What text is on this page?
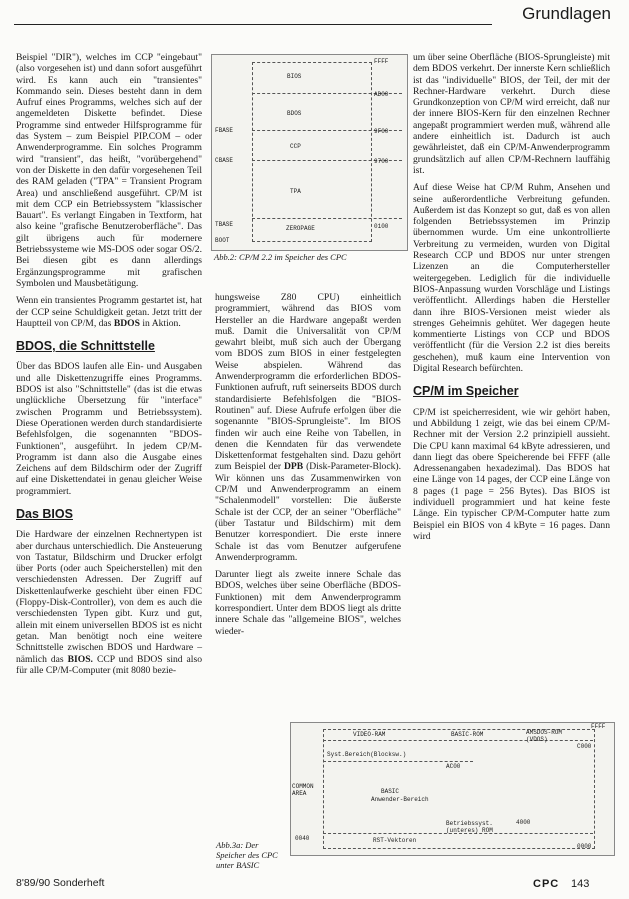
Grundlagen

Beispiel "DIR"), welches im CCP "eingebaut" (also vorgesehen ist) und dann sofort ausgeführt wird. Es kann auch ein "transientes" Kommando sein. Dieses besteht dann in dem Aufruf eines Programms, welches sich auf der angemeldeten Diskette befindet. Diese Programme sind entweder Hilfsprogramme für das System – zum Beispiel PIP.COM – oder Anwenderprogramme. Ein solches Programm wird "transient", das heißt, "vorübergehend" von der Diskette in den dafür vorgesehenen Teil des RAM geladen ("TPA" = Transient Program Area) und anschließend ausgeführt. CP/M ist mit dem CCP ein Betriebssystem "klassischer Bauart". Es verlangt Eingaben in Textform, hat also keine "grafische Benutzeroberfläche". Das gilt übrigens auch für modernere Betriebssysteme wie MS-DOS oder sogar OS/2. Bei diesen gibt es dann allerdings Ergänzungsprogramme mit grafischen Symbolen und Mausbetätigung.

Wenn ein transientes Programm gestartet ist, hat der CCP seine Schuldigkeit getan. Jetzt tritt der Hauptteil von CP/M, das BDOS in Aktion.

BDOS, die Schnittstelle

Über das BDOS laufen alle Ein- und Ausgaben und alle Diskettenzugriffe eines Programms. BDOS ist also "Schnittstelle" (das ist die etwas unglückliche Übersetzung für "interface" zwischen Programm und Betriebssystem). Diese Operationen werden durch standardisierte Befehlsfolgen, die sogenannten "BDOS-Funktionen", ausgeführt. In jedem CP/M-Programm ist dann also die Ausgabe eines Zeichens auf dem Bildschirm oder der Zugriff auf eine Diskettendatei in genau gleicher Weise programmiert.

Das BIOS

Die Hardware der einzelnen Rechnertypen ist aber durchaus unterschiedlich. Die Ansteuerung von Tastatur, Bildschirm und Drucker erfolgt über Ports (oder auch Speicherstellen) mit den verschiedensten Adressen. Der Zugriff auf Diskettenlaufwerke geschieht über einen FDC (Floppy-Disk-Controller), von dem es auch die verschiedensten Typen gibt. Kurz und gut, allein mit einem universellen BDOS ist es nicht getan. Man benötigt noch eine weitere Schnittstelle zwischen BDOS und Hardware – nämlich das BIOS. CCP und BDOS sind also für alle CP/M-Computer (mit 8080 bezie-

BIOS
BDOS
CCP
TPA
ZEROPAGE
FBASE
CBASE
TBASE
BOOT
FFFF
AD00
9F00
9700
0100
Abb.2: CP/M 2.2 im Speicher des CPC

hungsweise Z80 CPU) einheitlich programmiert, während das BIOS vom Hersteller an die Hardware angepaßt werden muß. Damit die Universalität von CP/M gewahrt bleibt, muß sich auch der Übergang vom BDOS zum BIOS in einer festgelegten Weise abspielen. Während das Anwenderprogramm die erforderlichen BDOS-Funktionen aufruft, ruft seinerseits BDOS durch standardisierte Befehlsfolgen die "BIOS-Routinen" auf. Diese Aufrufe erfolgen über die sogenannte "BIOS-Sprungleiste". Im BIOS finden wir auch eine Reihe von Tabellen, in denen die Kenndaten für das verwendete Diskettenformat festgehalten sind. Dazu gehört zum Beispiel der DPB (Disk-Parameter-Block). Wir können uns das Zusammenwirken von CP/M und Anwenderprogramm an einem "Schalenmodell" vorstellen: Die äußerste Schale ist der CCP, der an seiner "Oberfläche" (über Tastatur und Bildschirm) mit dem Benutzer korrespondiert. Die erste innere Schale ist das vom Benutzer aufgerufene Anwenderprogramm.

Darunter liegt als zweite innere Schale das BDOS, welches über seine Oberfläche (BDOS-Funktionen) mit dem Anwenderprogramm korrespondiert. Unter dem BDOS liegt als dritte innere Schale das "allgemeine BIOS", welches wieder-

um über seine Oberfläche (BIOS-Sprungleiste) mit dem BDOS verkehrt. Der innerste Kern schließlich ist das "individuelle" BIOS, der Teil, der mit der Rechner-Hardware verkehrt. Durch diese Grundkonzeption von CP/M wird erreicht, daß nur der innere BIOS-Kern für den einzelnen Rechner angepaßt programmiert werden muß, während alle andere einheitlich ist. Dadurch ist auch gewährleistet, daß ein CP/M-Anwenderprogramm grundsätzlich auf allen CP/M-Rechnern lauffähig ist.

Auf diese Weise hat CP/M Ruhm, Ansehen und seine außerordentliche Verbreitung gefunden. Außerdem ist das Konzept so gut, daß es von allen folgenden Betriebssystemen im Prinzip übernommen wurde. Um eine unkontrollierte Verbreitung zu vermeiden, wurden von Digital Research CCP und BDOS nur unter strengen Lizenzen an die Computerhersteller weitergegeben. Lediglich für die individuelle BIOS-Anpassung wurden Vorschläge und Listings veröffentlicht. Allerdings haben die Hersteller dann ihre BIOS-Versionen meist wieder als strenges Geheimnis gehütet. Wer dagegen heute kommentierte Listings von CCP und BDOS veröffentlicht (für die Version 2.2 ist dies bereits geschehen), muß kaum eine Intervention von Digital Research befürchten.

CP/M im Speicher

CP/M ist speicherresident, wie wir gehört haben, und Abbildung 1 zeigt, wie das bei einem CP/M-Rechner mit der Version 2.2 prinzipiell aussieht. Die CPU kann maximal 64 kByte adressieren, und dann liegt das obere Speicherende bei FFFF (alle Adressenangaben hexadezimal). Das BDOS hat eine Länge von 14 pages, der CCP eine Länge von 8 pages (1 page = 256 Bytes). Das BIOS ist individuell programmiert und hat keine feste Länge. Ein typischer CP/M-Computer hatte zum Beispiel ein BIOS von 4 kByte = 16 pages. Dann wird

VIDEO-RAM	BASIC-ROM	AMSDOS-ROM (VDOS)
Syst.Bereich(Blocksw.)
COMMON AREA	BASIC
Anwender-Bereich
Betriebssyst. (unteres) ROM
RST-Vektoren
FFFF
C000
AC00
4000
0040
0000
Abb.3a: Der Speicher des CPC unter BASIC
8'89/90 Sonderheft	CPC 143
